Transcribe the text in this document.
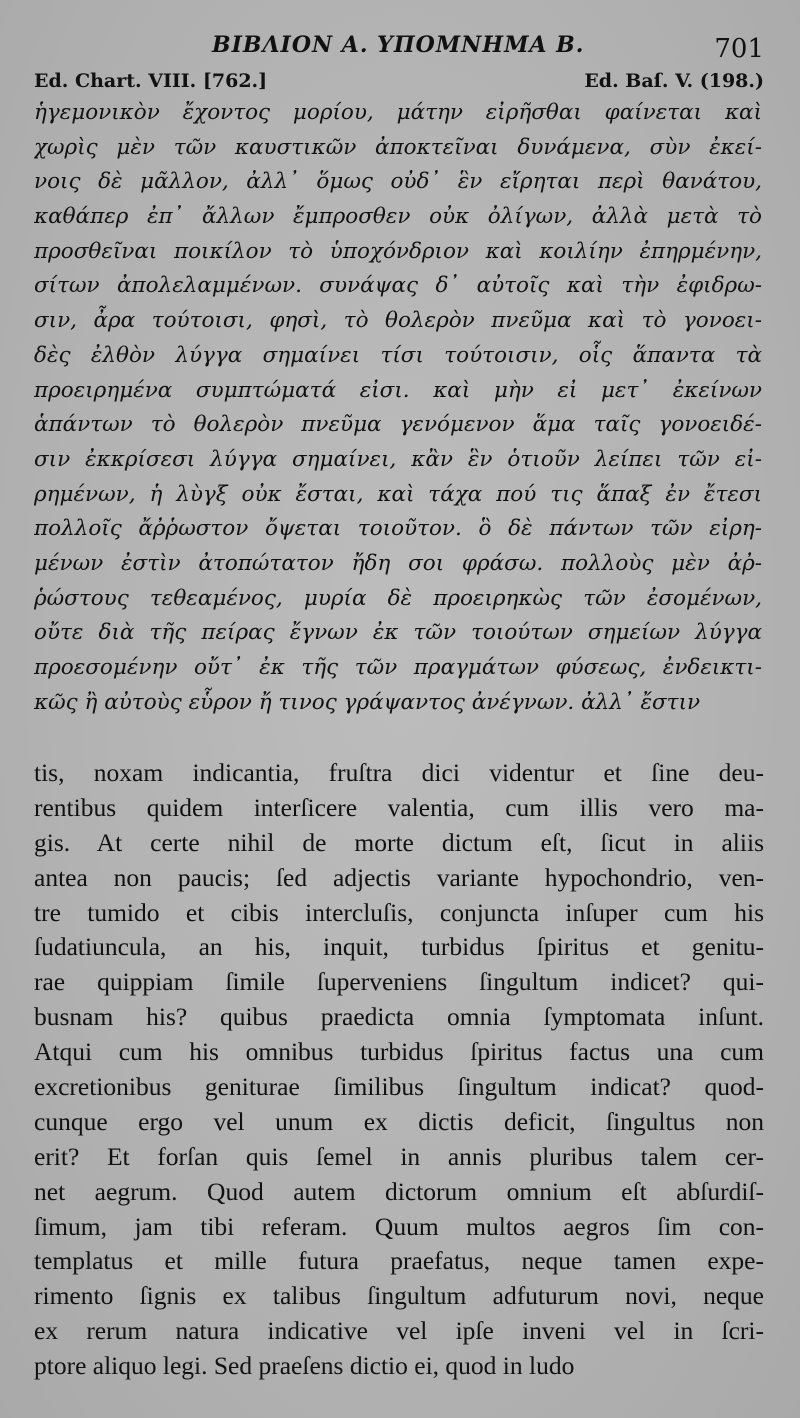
ΒΙΒΛΙΟΝ Α. ΥΠΟΜΝΗΜΑ Β.	701
Ed. Chart. VIII. [762.]	Ed. Baſ. V. (198.)
ἡγεμονικὸν ἔχοντος μορίου, μάτην εἰρῆσθαι φαίνεται καὶ
χωρὶς μὲν τῶν καυστικῶν ἀποκτεῖναι δυνάμενα, σὺν ἐκεί-
νοις δὲ μᾶλλον, ἀλλ᾽ ὅμως οὐδ᾽ ἓν εἴρηται περὶ θανάτου,
καθάπερ ἐπ᾽ ἄλλων ἔμπροσθεν οὐκ ὀλίγων, ἀλλὰ μετὰ τὸ
προσθεῖναι ποικίλον τὸ ὑποχόνδριον καὶ κοιλίην ἐπηρμένην,
σίτων ἀπολελαμμένων. συνάψας δ᾽ αὐτοῖς καὶ τὴν ἐφιδρω-
σιν, ἆρα τούτοισι, φησὶ, τὸ θολερὸν πνεῦμα καὶ τὸ γονοει-
δὲς ἐλθὸν λύγγα σημαίνει τίσι τούτοισιν, οἷς ἅπαντα τὰ
προειρημένα συμπτώματά εἰσι. καὶ μὴν εἰ μετ᾽ ἐκείνων
ἁπάντων τὸ θολερὸν πνεῦμα γενόμενον ἅμα ταῖς γονοειδέ-
σιν ἐκκρίσεσι λύγγα σημαίνει, κἂν ἓν ὁτιοῦν λείπει τῶν εἰ-
ρημένων, ἡ λὺγξ οὐκ ἔσται, καὶ τάχα πού τις ἅπαξ ἐν ἔτεσι
πολλοῖς ἄῤῥωστον ὄψεται τοιοῦτον. ὃ δὲ πάντων τῶν εἰρη-
μένων ἐστὶν ἀτοπώτατον ἤδη σοι φράσω. πολλοὺς μὲν ἀῤ-
ῥώστους τεθεαμένος, μυρία δὲ προειρηκὼς τῶν ἐσομένων,
οὔτε διὰ τῆς πείρας ἔγνων ἐκ τῶν τοιούτων σημείων λύγγα
προεσομένην οὔτ᾽ ἐκ τῆς τῶν πραγμάτων φύσεως, ἐνδεικτι-
κῶς ἢ αὐτοὺς εὗρον ἤ τινος γράψαντος ἀνέγνων. ἀλλ᾽ ἔστιν
tis, noxam indicantia, fruſtra dici videntur et ſine deu-
rentibus quidem interſicere valentia, cum illis vero ma-
gis. At certe nihil de morte dictum eſt, ſicut in aliis
antea non paucis; ſed adjectis variante hypochondrio, ven-
tre tumido et cibis intercluſis, conjuncta inſuper cum his
ſudatiuncula, an his, inquit, turbidus ſpiritus et genitu-
rae quippiam ſimile ſuperveniens ſingultum indicet? qui-
busnam his? quibus praedicta omnia ſymptomata inſunt.
Atqui cum his omnibus turbidus ſpiritus factus una cum
excretionibus geniturae ſimilibus ſingultum indicat? quod-
cunque ergo vel unum ex dictis deficit, ſingultus non
erit? Et forſan quis ſemel in annis pluribus talem cer-
net aegrum. Quod autem dictorum omnium eſt abſurdiſ-
ſimum, jam tibi referam. Quum multos aegros ſim con-
templatus et mille futura praefatus, neque tamen expe-
rimento ſignis ex talibus ſingultum adfuturum novi, neque
ex rerum natura indicative vel ipſe inveni vel in ſcri-
ptore aliquo legi. Sed praeſens dictio ei, quod in ludo
